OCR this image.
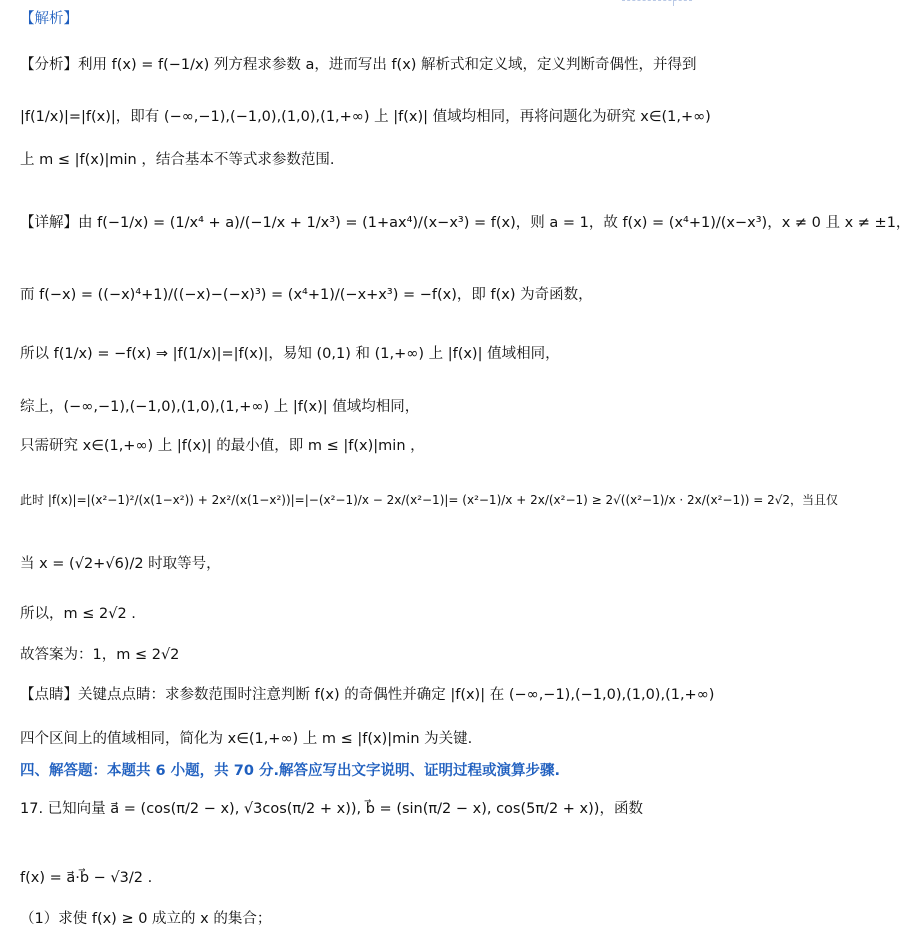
【解析】
【分析】利用 f(x) = f(−1/x) 列方程求参数 a，进而写出 f(x) 解析式和定义域，定义判断奇偶性，并得到
|f(1/x)|=|f(x)|，即有 (−∞,−1),(−1,0),(1,0),(1,+∞) 上 |f(x)| 值域均相同，再将问题化为研究 x∈(1,+∞)
上 m ≤ |f(x)|min ，结合基本不等式求参数范围.
【详解】由 f(−1/x) = (1/x⁴ + a)/(−1/x + 1/x³) = (1+ax⁴)/(x−x³) = f(x)，则 a = 1，故 f(x) = (x⁴+1)/(x−x³)，x ≠ 0 且 x ≠ ±1，
而 f(−x) = ((−x)⁴+1)/((−x)−(−x)³) = (x⁴+1)/(−x+x³) = −f(x)，即 f(x) 为奇函数，
所以 f(1/x) = −f(x) ⇒ |f(1/x)|=|f(x)|，易知 (0,1) 和 (1,+∞) 上 |f(x)| 值域相同，
综上，(−∞,−1),(−1,0),(1,0),(1,+∞) 上 |f(x)| 值域均相同，
只需研究 x∈(1,+∞) 上 |f(x)| 的最小值，即 m ≤ |f(x)|min ，
此时 |f(x)|=|(x²−1)²/(x(1−x²)) + 2x²/(x(1−x²))|=|−(x²−1)/x − 2x/(x²−1)|= (x²−1)/x + 2x/(x²−1) ≥ 2√((x²−1)/x · 2x/(x²−1)) = 2√2，当且仅
当 x = (√2+√6)/2 时取等号，
所以，m ≤ 2√2 .
故答案为：1，m ≤ 2√2
【点睛】关键点点睛：求参数范围时注意判断 f(x) 的奇偶性并确定 |f(x)| 在 (−∞,−1),(−1,0),(1,0),(1,+∞)
四个区间上的值域相同，简化为 x∈(1,+∞) 上 m ≤ |f(x)|min 为关键.
四、解答题：本题共 6 小题，共 70 分.解答应写出文字说明、证明过程或演算步骤.
17. 已知向量 a⃗ = (cos(π/2 − x), √3cos(π/2 + x)), b⃗ = (sin(π/2 − x), cos(5π/2 + x))，函数
f(x) = a⃗·b⃗ − √3/2 .
（1）求使 f(x) ≥ 0 成立的 x 的集合；
